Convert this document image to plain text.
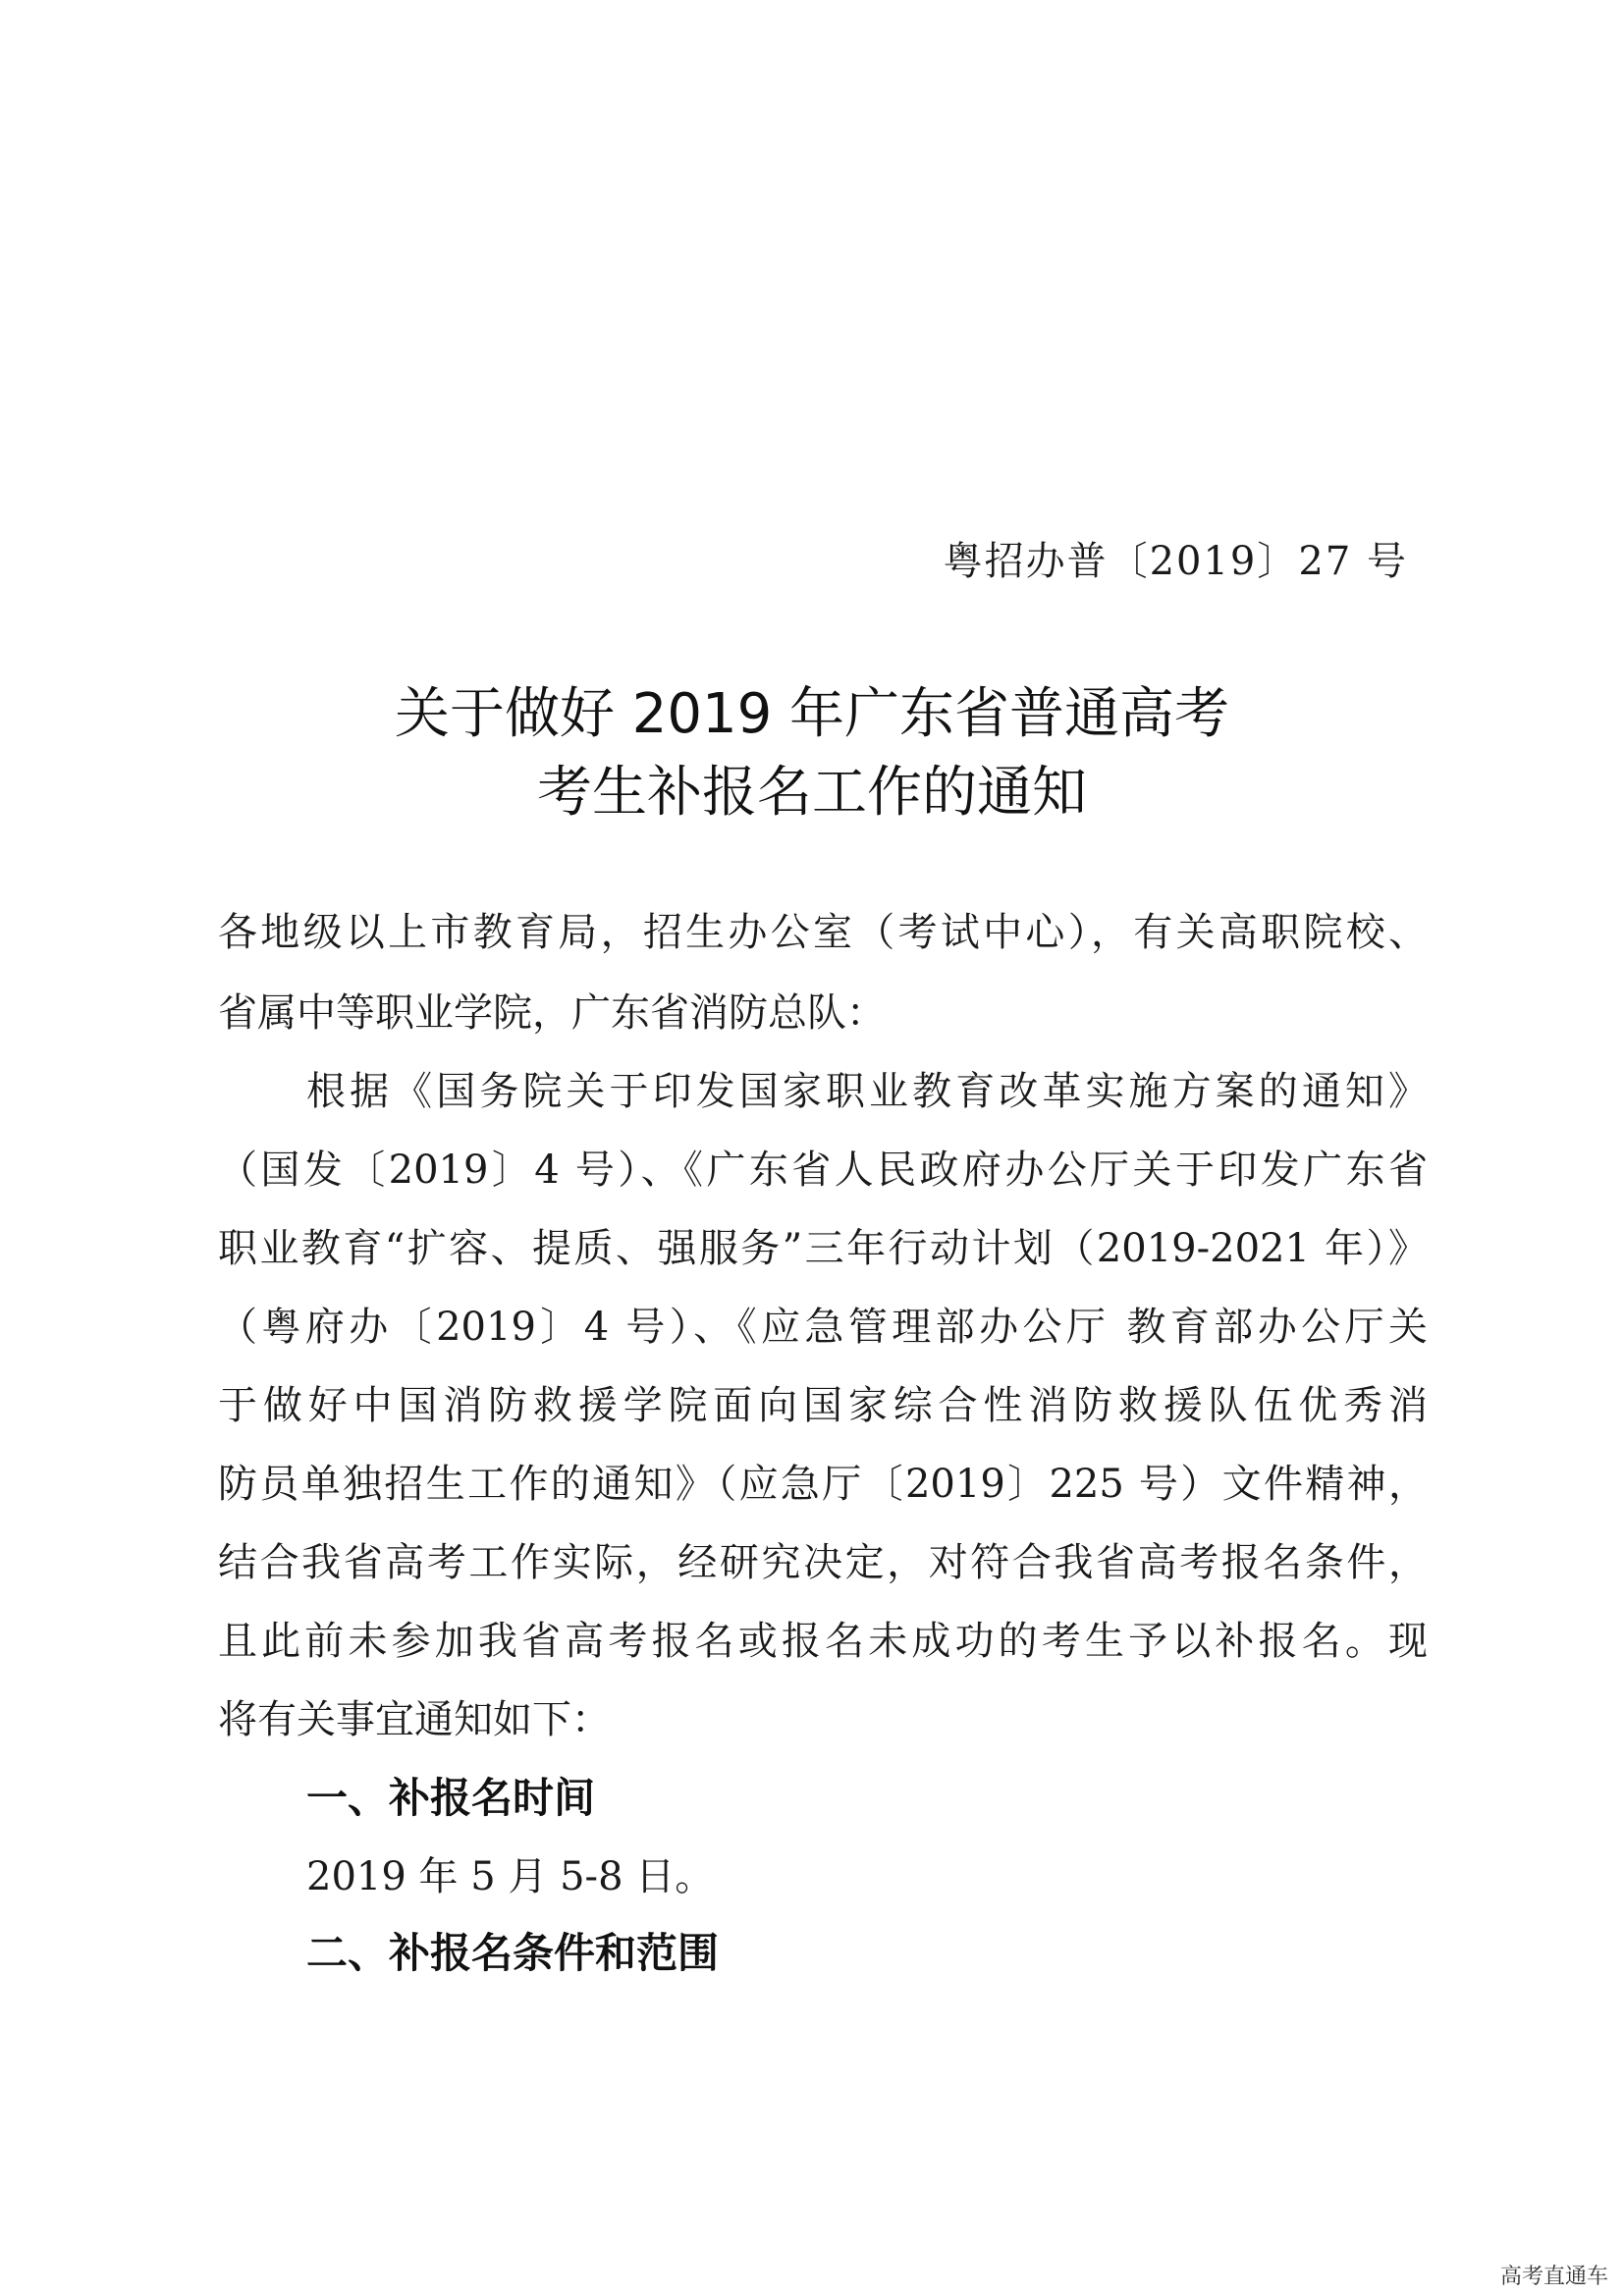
粤招办普〔2019〕27 号
关于做好 2019 年广东省普通高考
考生补报名工作的通知
各地级以上市教育局，招生办公室（考试中心），有关高职院校、
省属中等职业学院，广东省消防总队：
根据《国务院关于印发国家职业教育改革实施方案的通知》
（国发〔2019〕4 号）、《广东省人民政府办公厅关于印发广东省
职业教育“扩容、提质、强服务”三年行动计划（2019-2021 年）》
（粤府办〔2019〕4 号）、《应急管理部办公厅 教育部办公厅关
于做好中国消防救援学院面向国家综合性消防救援队伍优秀消
防员单独招生工作的通知》（应急厅〔2019〕225 号）文件精神，
结合我省高考工作实际，经研究决定，对符合我省高考报名条件，
且此前未参加我省高考报名或报名未成功的考生予以补报名。现
将有关事宜通知如下：
一、补报名时间
2019 年 5 月 5-8 日。
二、补报名条件和范围
高考直通车
